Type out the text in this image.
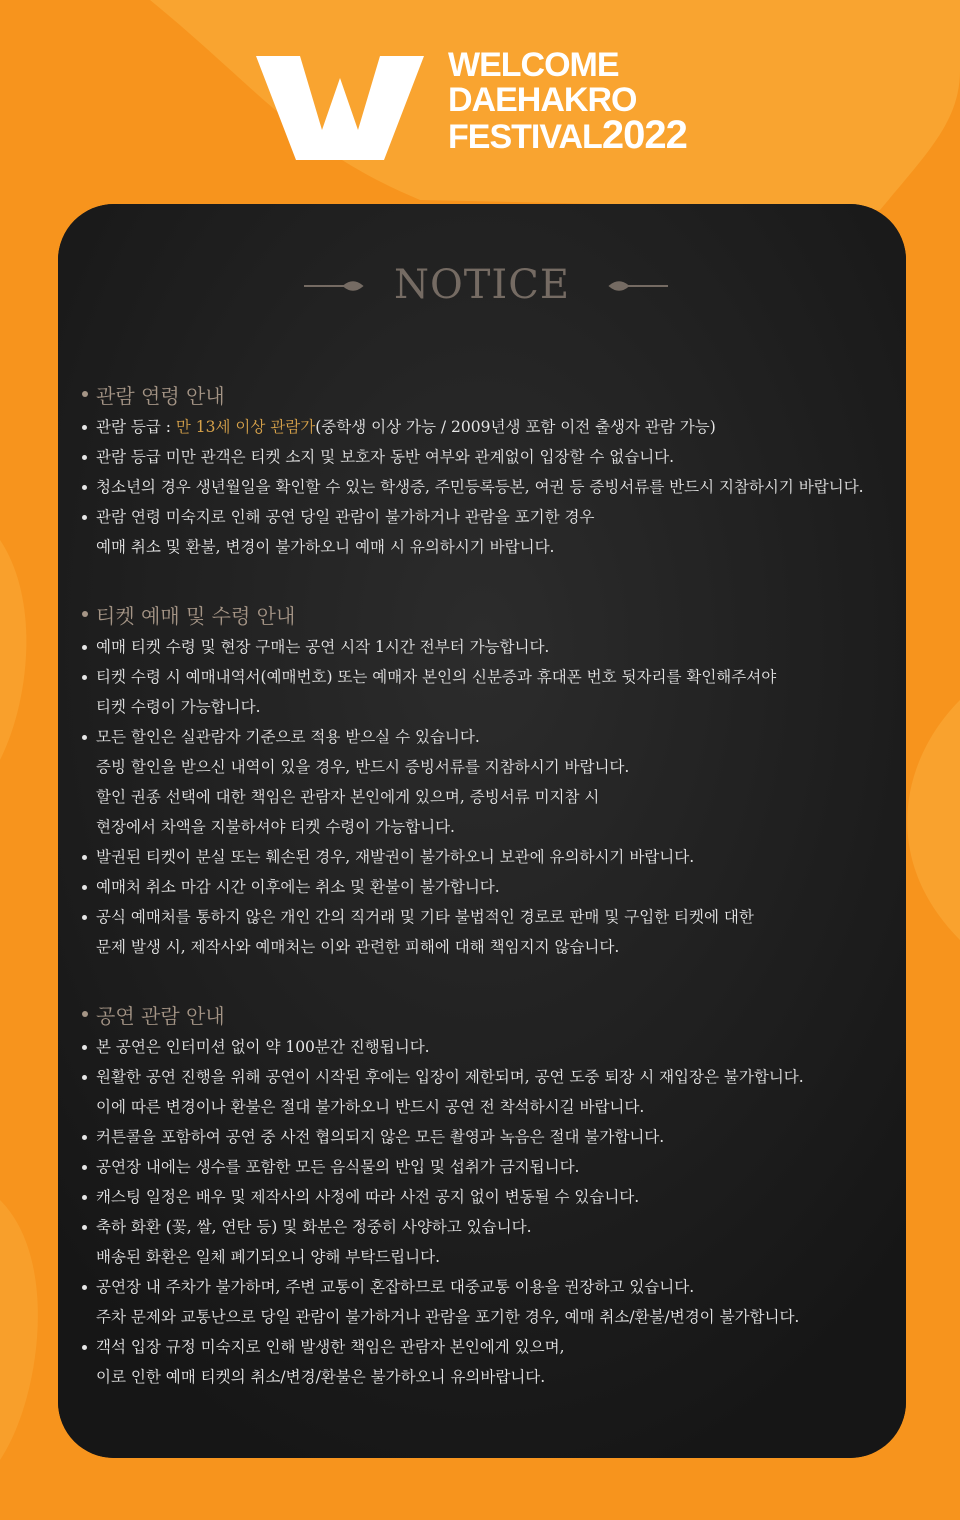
WELCOME
DAEHAKRO
FESTIVAL2022
NOTICE
관람 연령 안내
관람 등급 : 만 13세 이상 관람가(중학생 이상 가능 / 2009년생 포함 이전 출생자 관람 가능)
관람 등급 미만 관객은 티켓 소지 및 보호자 동반 여부와 관계없이 입장할 수 없습니다.
청소년의 경우 생년월일을 확인할 수 있는 학생증, 주민등록등본, 여권 등 증빙서류를 반드시 지참하시기 바랍니다.
관람 연령 미숙지로 인해 공연 당일 관람이 불가하거나 관람을 포기한 경우
예매 취소 및 환불, 변경이 불가하오니 예매 시 유의하시기 바랍니다.
티켓 예매 및 수령 안내
예매 티켓 수령 및 현장 구매는 공연 시작 1시간 전부터 가능합니다.
티켓 수령 시 예매내역서(예매번호) 또는 예매자 본인의 신분증과 휴대폰 번호 뒷자리를 확인해주셔야
티켓 수령이 가능합니다.
모든 할인은 실관람자 기준으로 적용 받으실 수 있습니다.
증빙 할인을 받으신 내역이 있을 경우, 반드시 증빙서류를 지참하시기 바랍니다.
할인 권종 선택에 대한 책임은 관람자 본인에게 있으며, 증빙서류 미지참 시
현장에서 차액을 지불하셔야 티켓 수령이 가능합니다.
발권된 티켓이 분실 또는 훼손된 경우, 재발권이 불가하오니 보관에 유의하시기 바랍니다.
예매처 취소 마감 시간 이후에는 취소 및 환불이 불가합니다.
공식 예매처를 통하지 않은 개인 간의 직거래 및 기타 불법적인 경로로 판매 및 구입한 티켓에 대한
문제 발생 시, 제작사와 예매처는 이와 관련한 피해에 대해 책임지지 않습니다.
공연 관람 안내
본 공연은 인터미션 없이 약 100분간 진행됩니다.
원활한 공연 진행을 위해 공연이 시작된 후에는 입장이 제한되며, 공연 도중 퇴장 시 재입장은 불가합니다.
이에 따른 변경이나 환불은 절대 불가하오니 반드시 공연 전 착석하시길 바랍니다.
커튼콜을 포함하여 공연 중 사전 협의되지 않은 모든 촬영과 녹음은 절대 불가합니다.
공연장 내에는 생수를 포함한 모든 음식물의 반입 및 섭취가 금지됩니다.
캐스팅 일정은 배우 및 제작사의 사정에 따라 사전 공지 없이 변동될 수 있습니다.
축하 화환 (꽃, 쌀, 연탄 등) 및 화분은 정중히 사양하고 있습니다.
배송된 화환은 일체 폐기되오니 양해 부탁드립니다.
공연장 내 주차가 불가하며, 주변 교통이 혼잡하므로 대중교통 이용을 권장하고 있습니다.
주차 문제와 교통난으로 당일 관람이 불가하거나 관람을 포기한 경우, 예매 취소/환불/변경이 불가합니다.
객석 입장 규정 미숙지로 인해 발생한 책임은 관람자 본인에게 있으며,
이로 인한 예매 티켓의 취소/변경/환불은 불가하오니 유의바랍니다.
